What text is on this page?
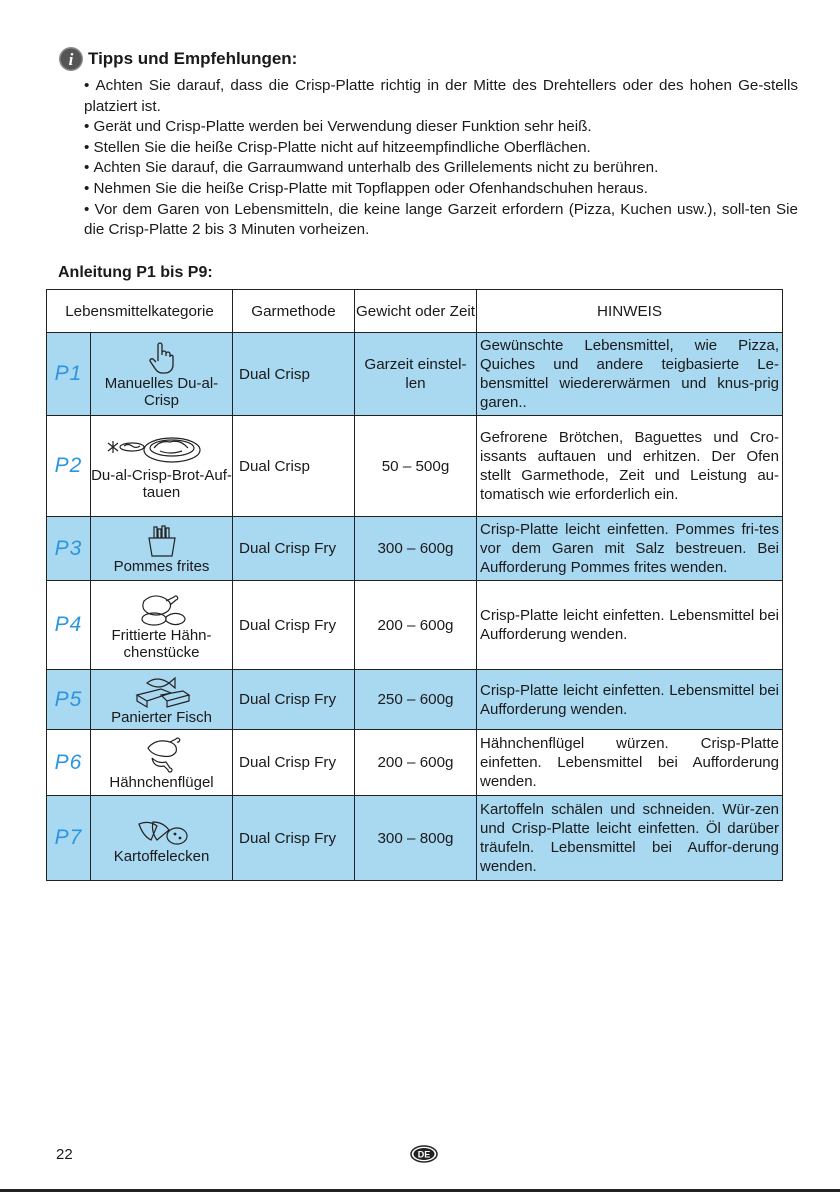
i Tipps und Empfehlungen:
• Achten Sie darauf, dass die Crisp-Platte richtig in der Mitte des Drehtellers oder des hohen Ge-stells platziert ist.
• Gerät und Crisp-Platte werden bei Verwendung dieser Funktion sehr heiß.
• Stellen Sie die heiße Crisp-Platte nicht auf hitzeempfindliche Oberflächen.
• Achten Sie darauf, die Garraumwand unterhalb des Grillelements nicht zu berühren.
• Nehmen Sie die heiße Crisp-Platte mit Topflappen oder Ofenhandschuhen heraus.
• Vor dem Garen von Lebensmitteln, die keine lange Garzeit erfordern (Pizza, Kuchen usw.), soll-ten Sie die Crisp-Platte 2 bis 3 Minuten vorheizen.
Anleitung P1 bis P9:
Lebensmittelkategorie		Garmethode	Gewicht oder Zeit	HINWEIS
P1	Manuelles Du-al-Crisp	Dual Crisp	Garzeit einstel-len	Gewünschte Lebensmittel, wie Pizza, Quiches und andere teigbasierte Le-bensmittel wiedererwärmen und knus-prig garen..
P2	Du-al-Crisp-Brot-Auf-tauen	Dual Crisp	50 – 500g	Gefrorene Brötchen, Baguettes und Cro-issants auftauen und erhitzen. Der Ofen stellt Garmethode, Zeit und Leistung au-tomatisch wie erforderlich ein.
P3	Pommes frites	Dual Crisp Fry	300 – 600g	Crisp-Platte leicht einfetten. Pommes fri-tes vor dem Garen mit Salz bestreuen. Bei Aufforderung Pommes frites wenden.
P4	Frittierte Hähn-chenstücke	Dual Crisp Fry	200 – 600g	Crisp-Platte leicht einfetten. Lebensmittel bei Aufforderung wenden.
P5	Panierter Fisch	Dual Crisp Fry	250 – 600g	Crisp-Platte leicht einfetten. Lebensmittel bei Aufforderung wenden.
P6	Hähnchenflügel	Dual Crisp Fry	200 – 600g	Hähnchenflügel würzen. Crisp-Platte einfetten. Lebensmittel bei Aufforderung wenden.
P7	Kartoffelecken	Dual Crisp Fry	300 – 800g	Kartoffeln schälen und schneiden. Wür-zen und Crisp-Platte leicht einfetten. Öl darüber träufeln. Lebensmittel bei Auffor-derung wenden.
22	DE
